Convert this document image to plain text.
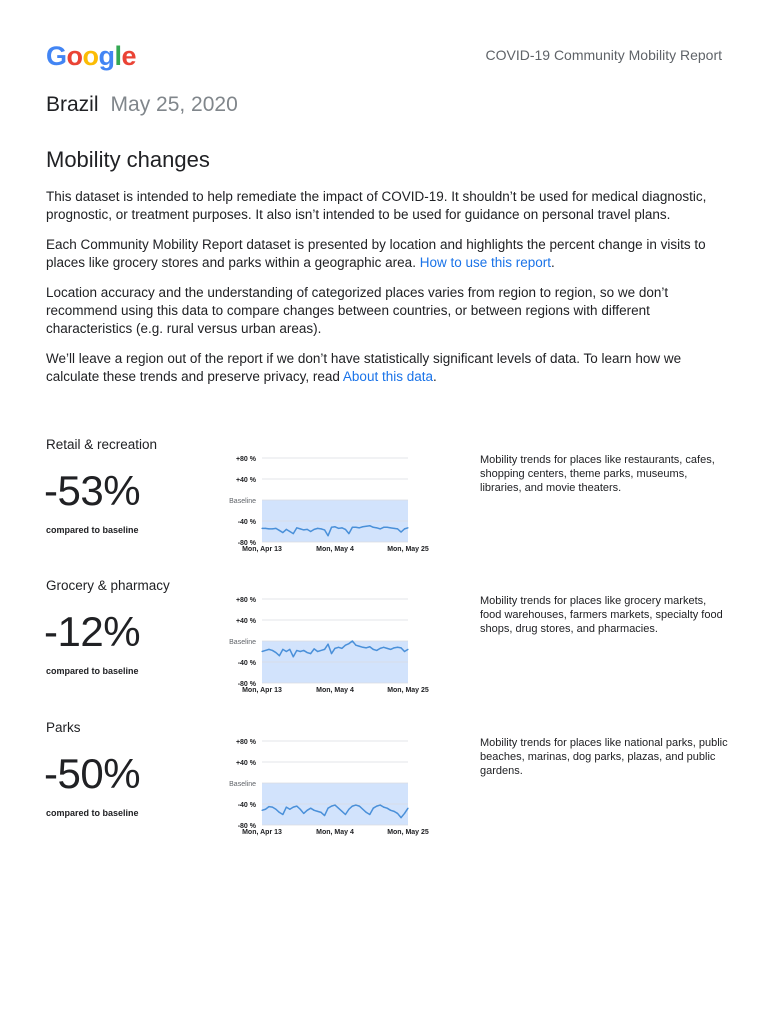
Google	COVID-19 Community Mobility Report
Brazil May 25, 2020
Mobility changes

This dataset is intended to help remediate the impact of COVID-19. It shouldn’t be used for medical diagnostic, prognostic, or treatment purposes. It also isn’t intended to be used for guidance on personal travel plans.

Each Community Mobility Report dataset is presented by location and highlights the percent change in visits to places like grocery stores and parks within a geographic area. How to use this report.

Location accuracy and the understanding of categorized places varies from region to region, so we don’t recommend using this data to compare changes between countries, or between regions with different characteristics (e.g. rural versus urban areas).

We’ll leave a region out of the report if we don’t have statistically significant levels of data. To learn how we calculate these trends and preserve privacy, read About this data.

Retail & recreation
-53%
compared to baseline
+80 %
+40 %
Baseline
-40 %
-80 %
Mon, Apr 13	Mon, May 4	Mon, May 25
Mobility trends for places like restaurants, cafes, shopping centers, theme parks, museums, libraries, and movie theaters.
Grocery & pharmacy
-12%
compared to baseline
+80 %
+40 %
Baseline
-40 %
-80 %
Mon, Apr 13	Mon, May 4	Mon, May 25
Mobility trends for places like grocery markets, food warehouses, farmers markets, specialty food shops, drug stores, and pharmacies.
Parks
-50%
compared to baseline
+80 %
+40 %
Baseline
-40 %
-80 %
Mon, Apr 13	Mon, May 4	Mon, May 25
Mobility trends for places like national parks, public beaches, marinas, dog parks, plazas, and public gardens.
